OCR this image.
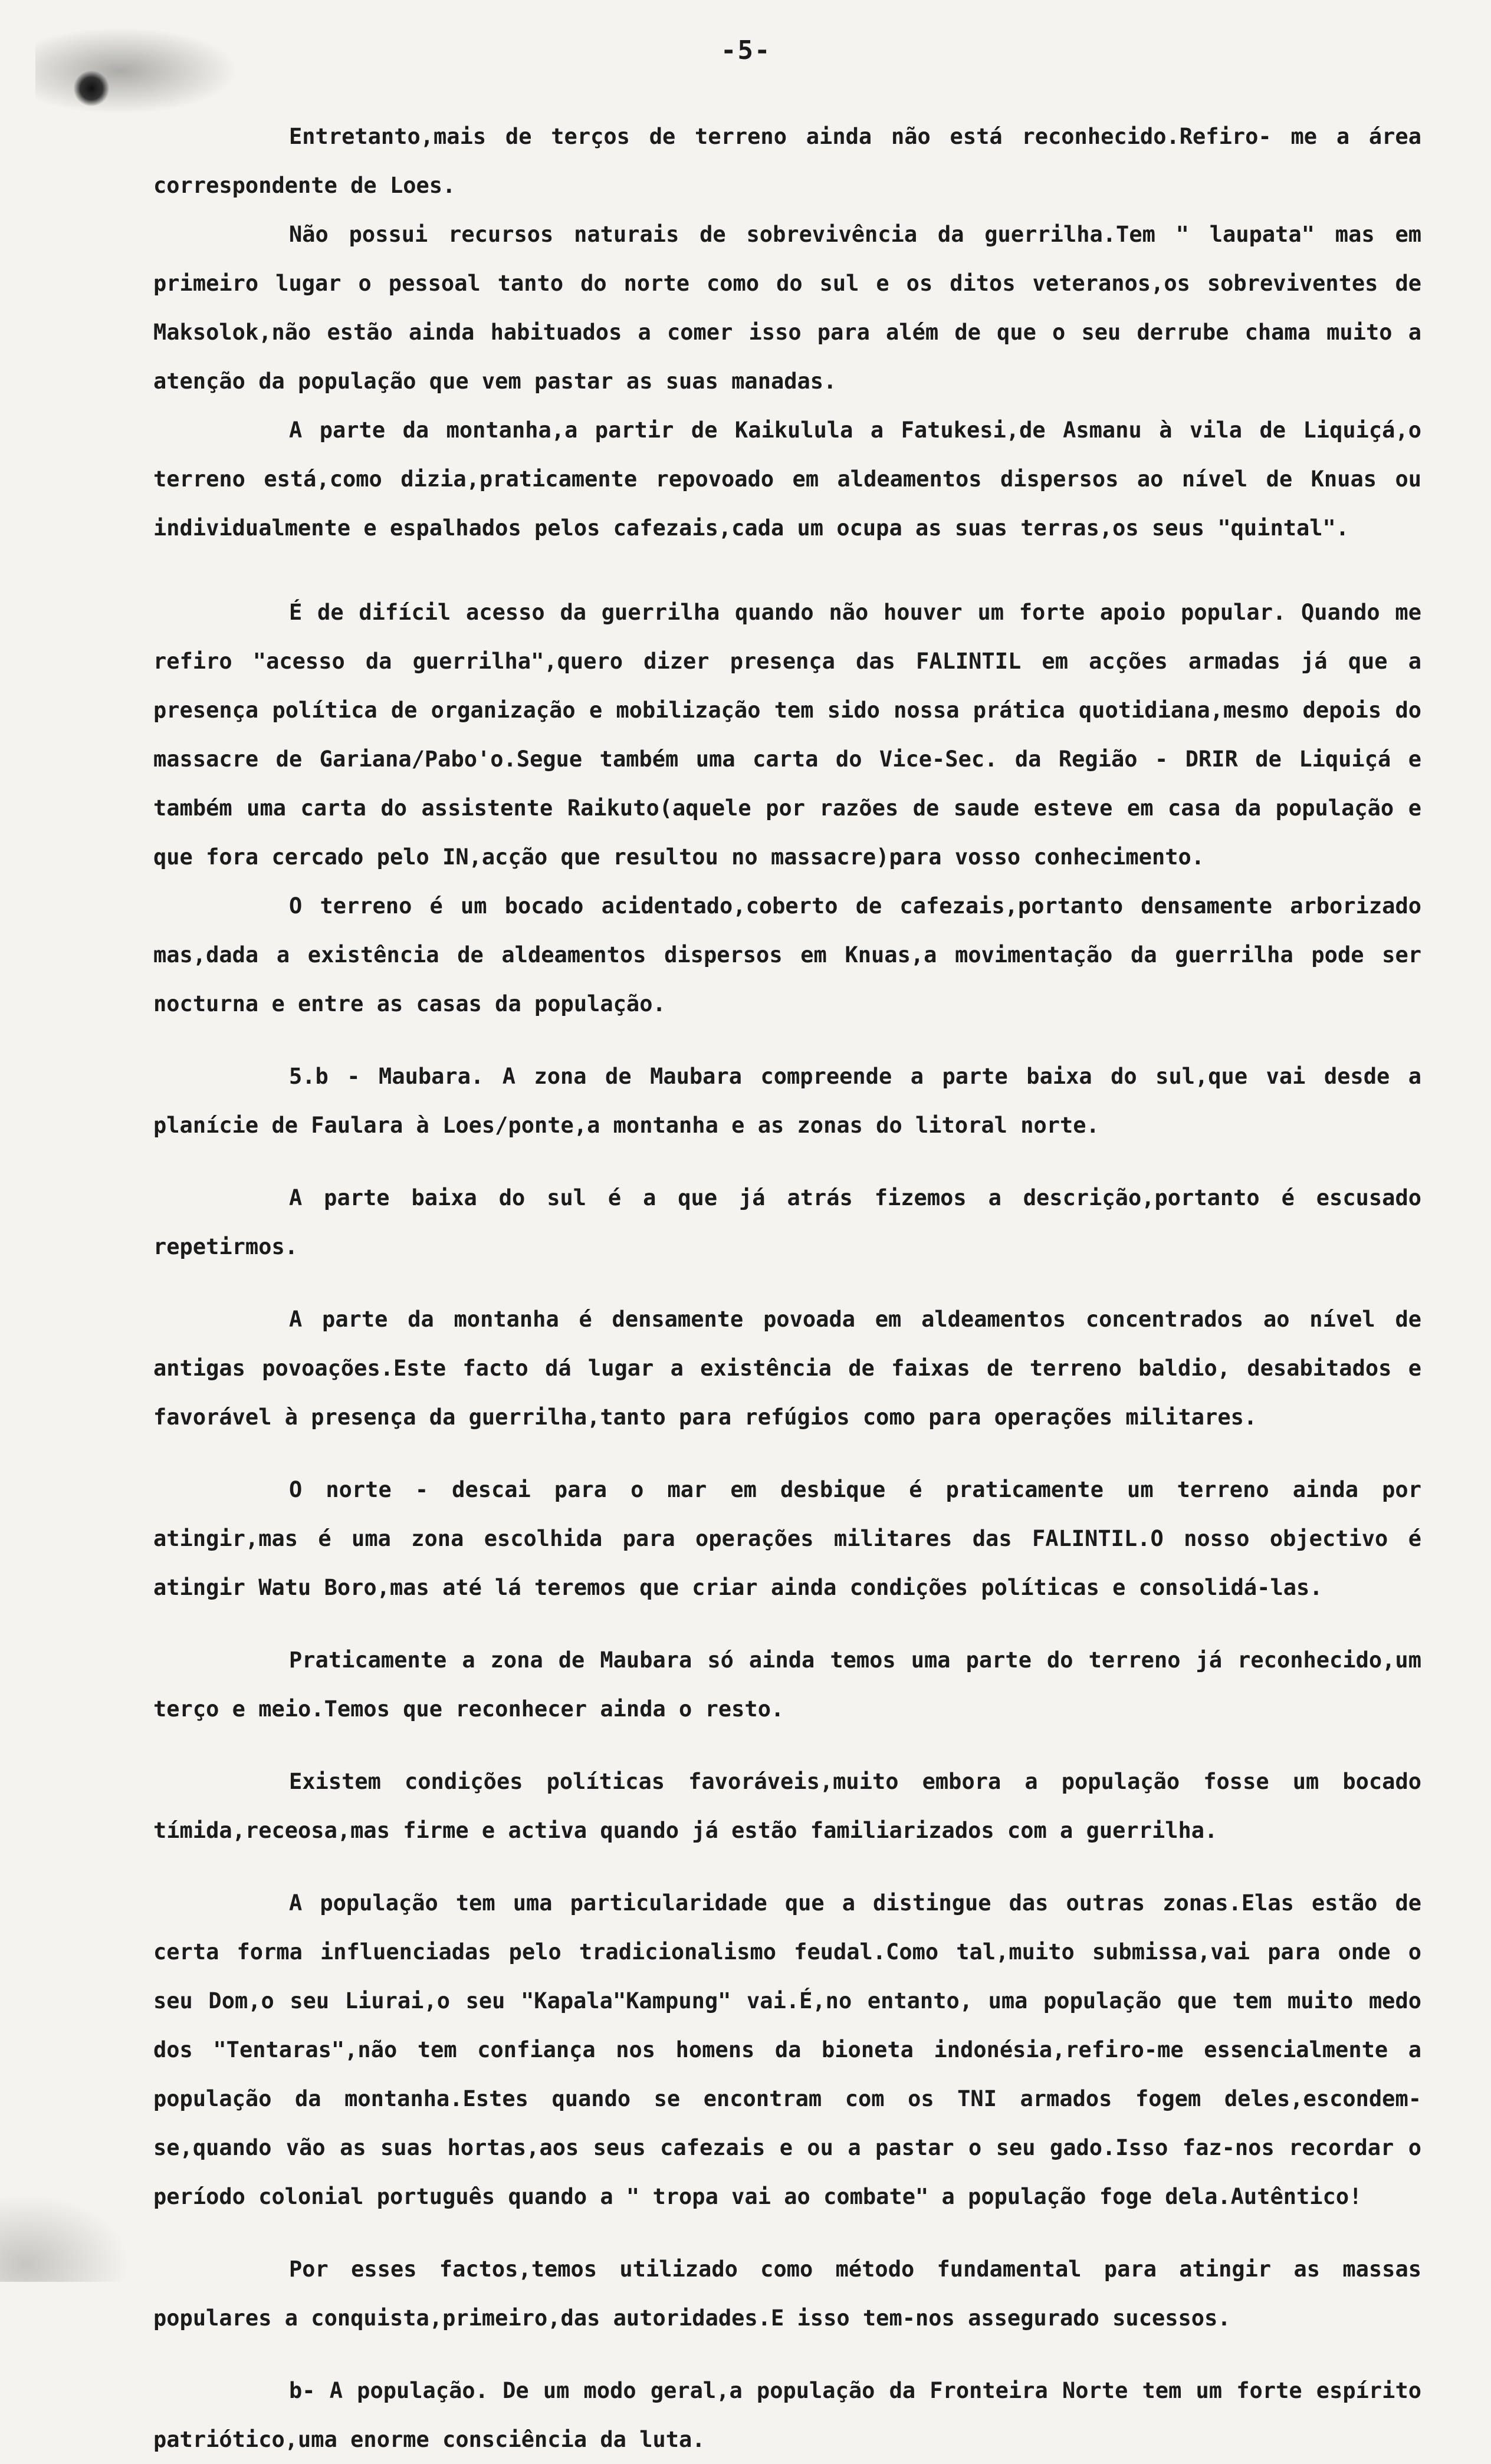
-5-

Entretanto,mais de terços de terreno ainda não está reconhecido.Refiro- me a área correspondente de Loes.

Não possui recursos naturais de sobrevivência da guerrilha.Tem " laupata" mas em primeiro lugar o pessoal tanto do norte como do sul e os ditos veteranos,os sobreviventes de Maksolok,não estão ainda habituados a comer isso para além de que o seu derrube chama muito a atenção da população que vem pastar as suas manadas.

A parte da montanha,a partir de Kaikulula a Fatukesi,de Asmanu à vila de Liquiçá,o terreno está,como dizia,praticamente repovoado em aldeamentos dispersos ao nível de Knuas ou individualmente e espalhados pelos cafezais,cada um ocupa as suas terras,os seus "quintal".

É de difícil acesso da guerrilha quando não houver um forte apoio popular. Quando me refiro "acesso da guerrilha",quero dizer presença das FALINTIL em acções armadas já que a presença política de organização e mobilização tem sido nossa prática quotidiana,mesmo depois do massacre de Gariana/Pabo'o.Segue também uma carta do Vice-Sec. da Região - DRIR de Liquiçá e também uma carta do assistente Raikuto(aquele por razões de saude esteve em casa da população e que fora cercado pelo IN,acção que resultou no massacre)para vosso conhecimento.

O terreno é um bocado acidentado,coberto de cafezais,portanto densamente arborizado mas,dada a existência de aldeamentos dispersos em Knuas,a movimentação da guerrilha pode ser nocturna e entre as casas da população.

5.b - Maubara. A zona de Maubara compreende a parte baixa do sul,que vai desde a planície de Faulara à Loes/ponte,a montanha e as zonas do litoral norte.

A parte baixa do sul é a que já atrás fizemos a descrição,portanto é escusado repetirmos.

A parte da montanha é densamente povoada em aldeamentos concentrados ao nível de antigas povoações.Este facto dá lugar a existência de faixas de terreno baldio, desabitados e favorável à presença da guerrilha,tanto para refúgios como para operações militares.

O norte - descai para o mar em desbique é praticamente um terreno ainda por atingir,mas é uma zona escolhida para operações militares das FALINTIL.O nosso objectivo é atingir Watu Boro,mas até lá teremos que criar ainda condições políticas e consolidá-las.

Praticamente a zona de Maubara só ainda temos uma parte do terreno já reconhecido,um terço e meio.Temos que reconhecer ainda o resto.

Existem condições políticas favoráveis,muito embora a população fosse um bocado tímida,receosa,mas firme e activa quando já estão familiarizados com a guerrilha.

A população tem uma particularidade que a distingue das outras zonas.Elas estão de certa forma influenciadas pelo tradicionalismo feudal.Como tal,muito submissa,vai para onde o seu Dom,o seu Liurai,o seu "Kapala"Kampung" vai.É,no entanto, uma população que tem muito medo dos "Tentaras",não tem confiança nos homens da bioneta indonésia,refiro-me essencialmente a população da montanha.Estes quando se encontram com os TNI armados fogem deles,escondem-se,quando vão as suas hortas,aos seus cafezais e ou a pastar o seu gado.Isso faz-nos recordar o período colonial português quando a " tropa vai ao combate" a população foge dela.Autêntico!

Por esses factos,temos utilizado como método fundamental para atingir as massas populares a conquista,primeiro,das autoridades.E isso tem-nos assegurado sucessos.

b- A população. De um modo geral,a população da Fronteira Norte tem um forte espírito patriótico,uma enorme consciência da luta.
